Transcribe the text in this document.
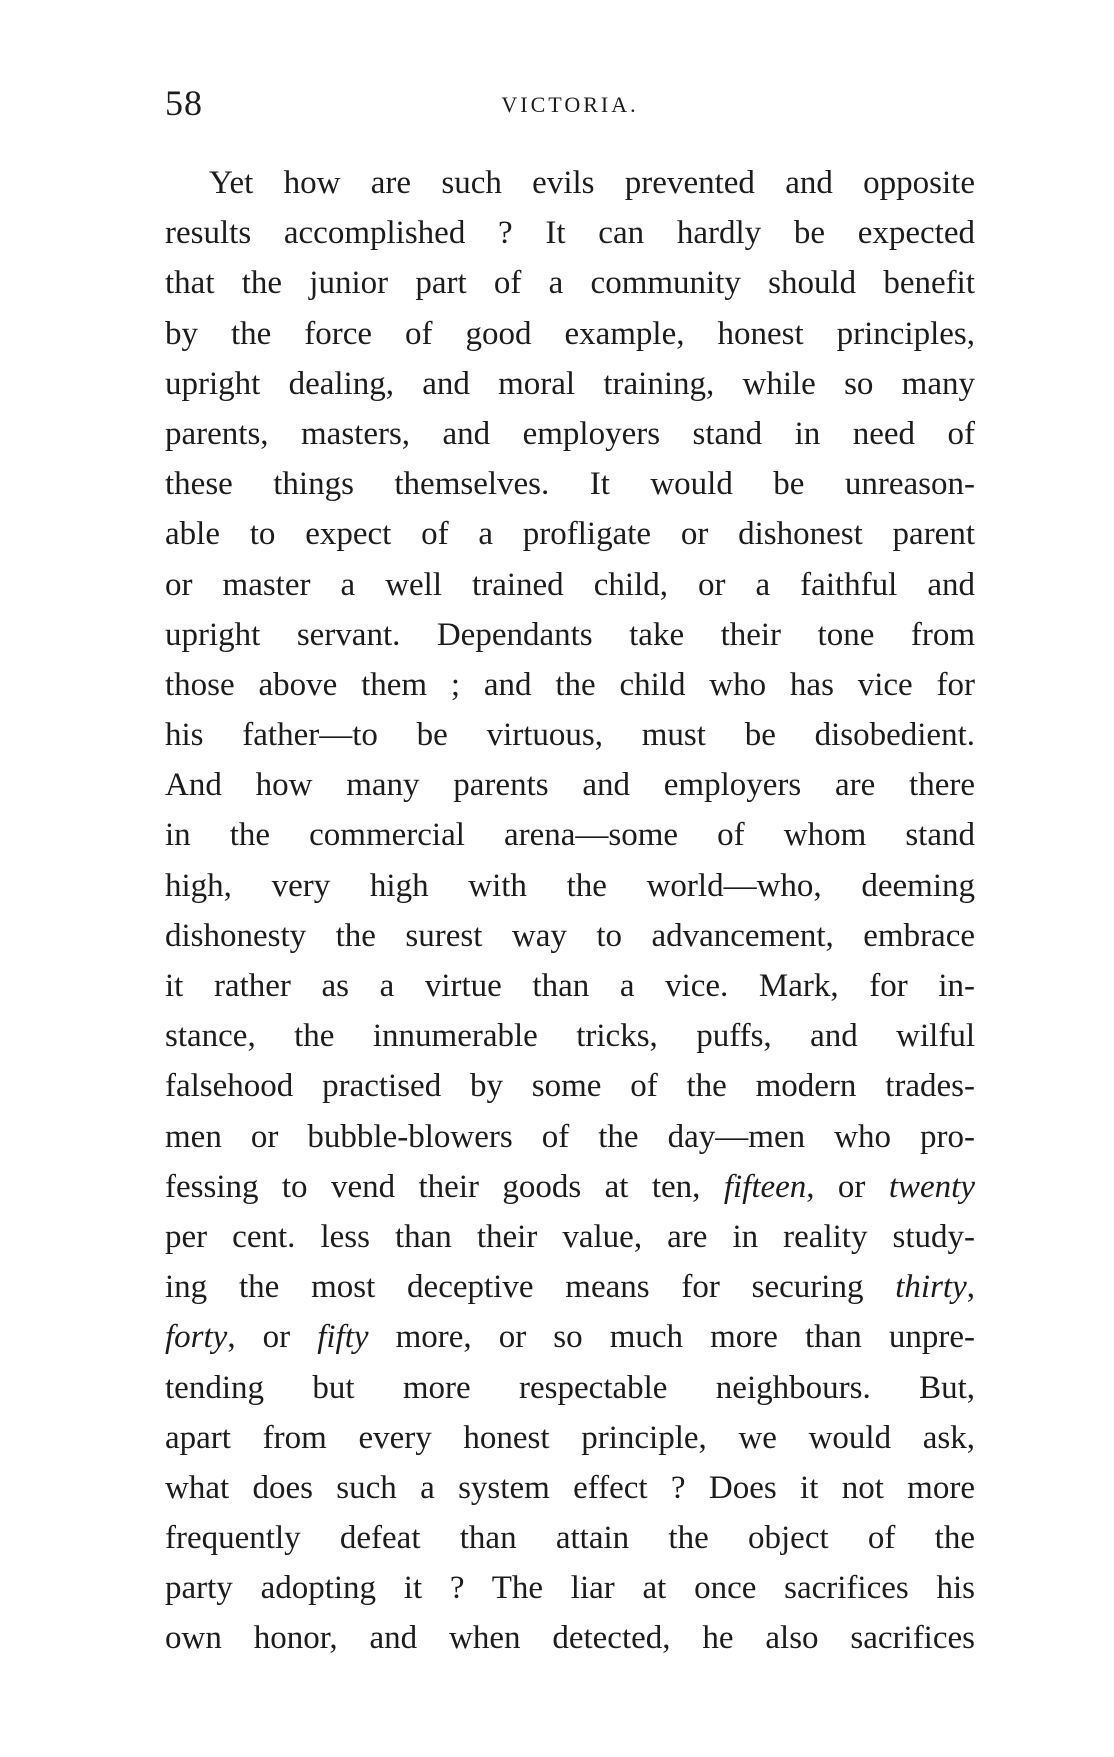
58	VICTORIA.
Yet how are such evils prevented and opposite
results accomplished ? It can hardly be expected
that the junior part of a community should benefit
by the force of good example, honest principles,
upright dealing, and moral training, while so many
parents, masters, and employers stand in need of
these things themselves. It would be unreason-
able to expect of a profligate or dishonest parent
or master a well trained child, or a faithful and
upright servant. Dependants take their tone from
those above them ; and the child who has vice for
his father—to be virtuous, must be disobedient.
And how many parents and employers are there
in the commercial arena—some of whom stand
high, very high with the world—who, deeming
dishonesty the surest way to advancement, embrace
it rather as a virtue than a vice. Mark, for in-
stance, the innumerable tricks, puffs, and wilful
falsehood practised by some of the modern trades-
men or bubble-blowers of the day—men who pro-
fessing to vend their goods at ten, fifteen, or twenty
per cent. less than their value, are in reality study-
ing the most deceptive means for securing thirty,
forty, or fifty more, or so much more than unpre-
tending but more respectable neighbours. But,
apart from every honest principle, we would ask,
what does such a system effect ? Does it not more
frequently defeat than attain the object of the
party adopting it ? The liar at once sacrifices his
own honor, and when detected, he also sacrifices
